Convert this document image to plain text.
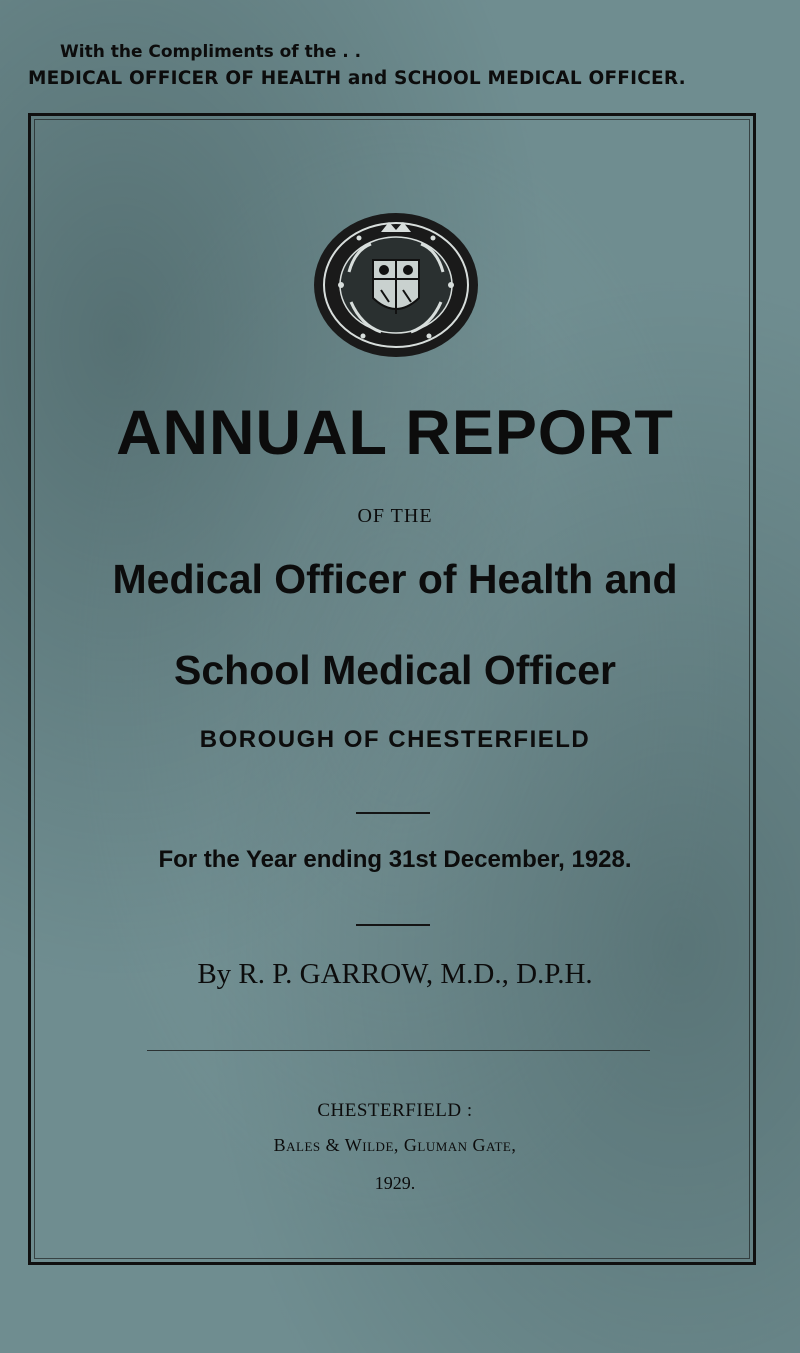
With the Compliments of the . .
MEDICAL OFFICER OF HEALTH and SCHOOL MEDICAL OFFICER.
ANNUAL REPORT
OF THE
Medical Officer of Health and
School Medical Officer
BOROUGH OF CHESTERFIELD
For the Year ending 31st December, 1928.
By R. P. GARROW, M.D., D.P.H.
CHESTERFIELD :
Bales & Wilde, Gluman Gate,
1929.
